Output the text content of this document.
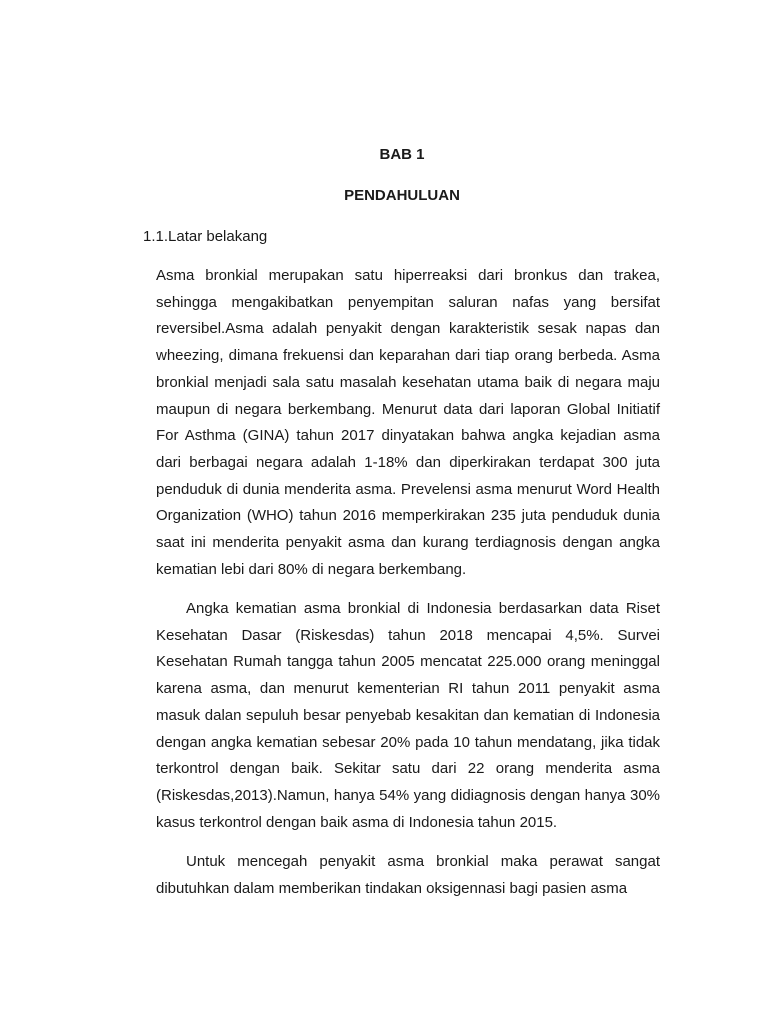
BAB 1
PENDAHULUAN
1.1.Latar belakang

Asma bronkial merupakan satu hiperreaksi dari bronkus dan trakea, sehingga mengakibatkan penyempitan saluran nafas yang bersifat reversibel.Asma adalah penyakit dengan karakteristik sesak napas dan wheezing, dimana frekuensi dan keparahan dari tiap orang berbeda. Asma bronkial menjadi sala satu masalah kesehatan utama baik di negara maju maupun di negara berkembang. Menurut data dari laporan Global Initiatif For Asthma (GINA) tahun 2017 dinyatakan bahwa angka kejadian asma dari berbagai negara adalah 1-18% dan diperkirakan terdapat 300 juta penduduk di dunia menderita asma. Prevelensi asma menurut Word Health Organization (WHO) tahun 2016 memperkirakan 235 juta penduduk dunia saat ini menderita penyakit asma dan kurang terdiagnosis dengan angka kematian lebi dari 80% di negara berkembang.

Angka kematian asma bronkial di Indonesia berdasarkan data Riset Kesehatan Dasar (Riskesdas) tahun 2018 mencapai 4,5%. Survei Kesehatan Rumah tangga tahun 2005 mencatat 225.000 orang meninggal karena asma, dan menurut kementerian RI tahun 2011 penyakit asma masuk dalan sepuluh besar penyebab kesakitan dan kematian di Indonesia dengan angka kematian sebesar 20% pada 10 tahun mendatang, jika tidak terkontrol dengan baik. Sekitar satu dari 22 orang menderita asma (Riskesdas,2013).Namun, hanya 54% yang didiagnosis dengan hanya 30% kasus terkontrol dengan baik asma di Indonesia tahun 2015.

Untuk mencegah penyakit asma bronkial maka perawat sangat dibutuhkan dalam memberikan tindakan oksigennasi bagi pasien asma
